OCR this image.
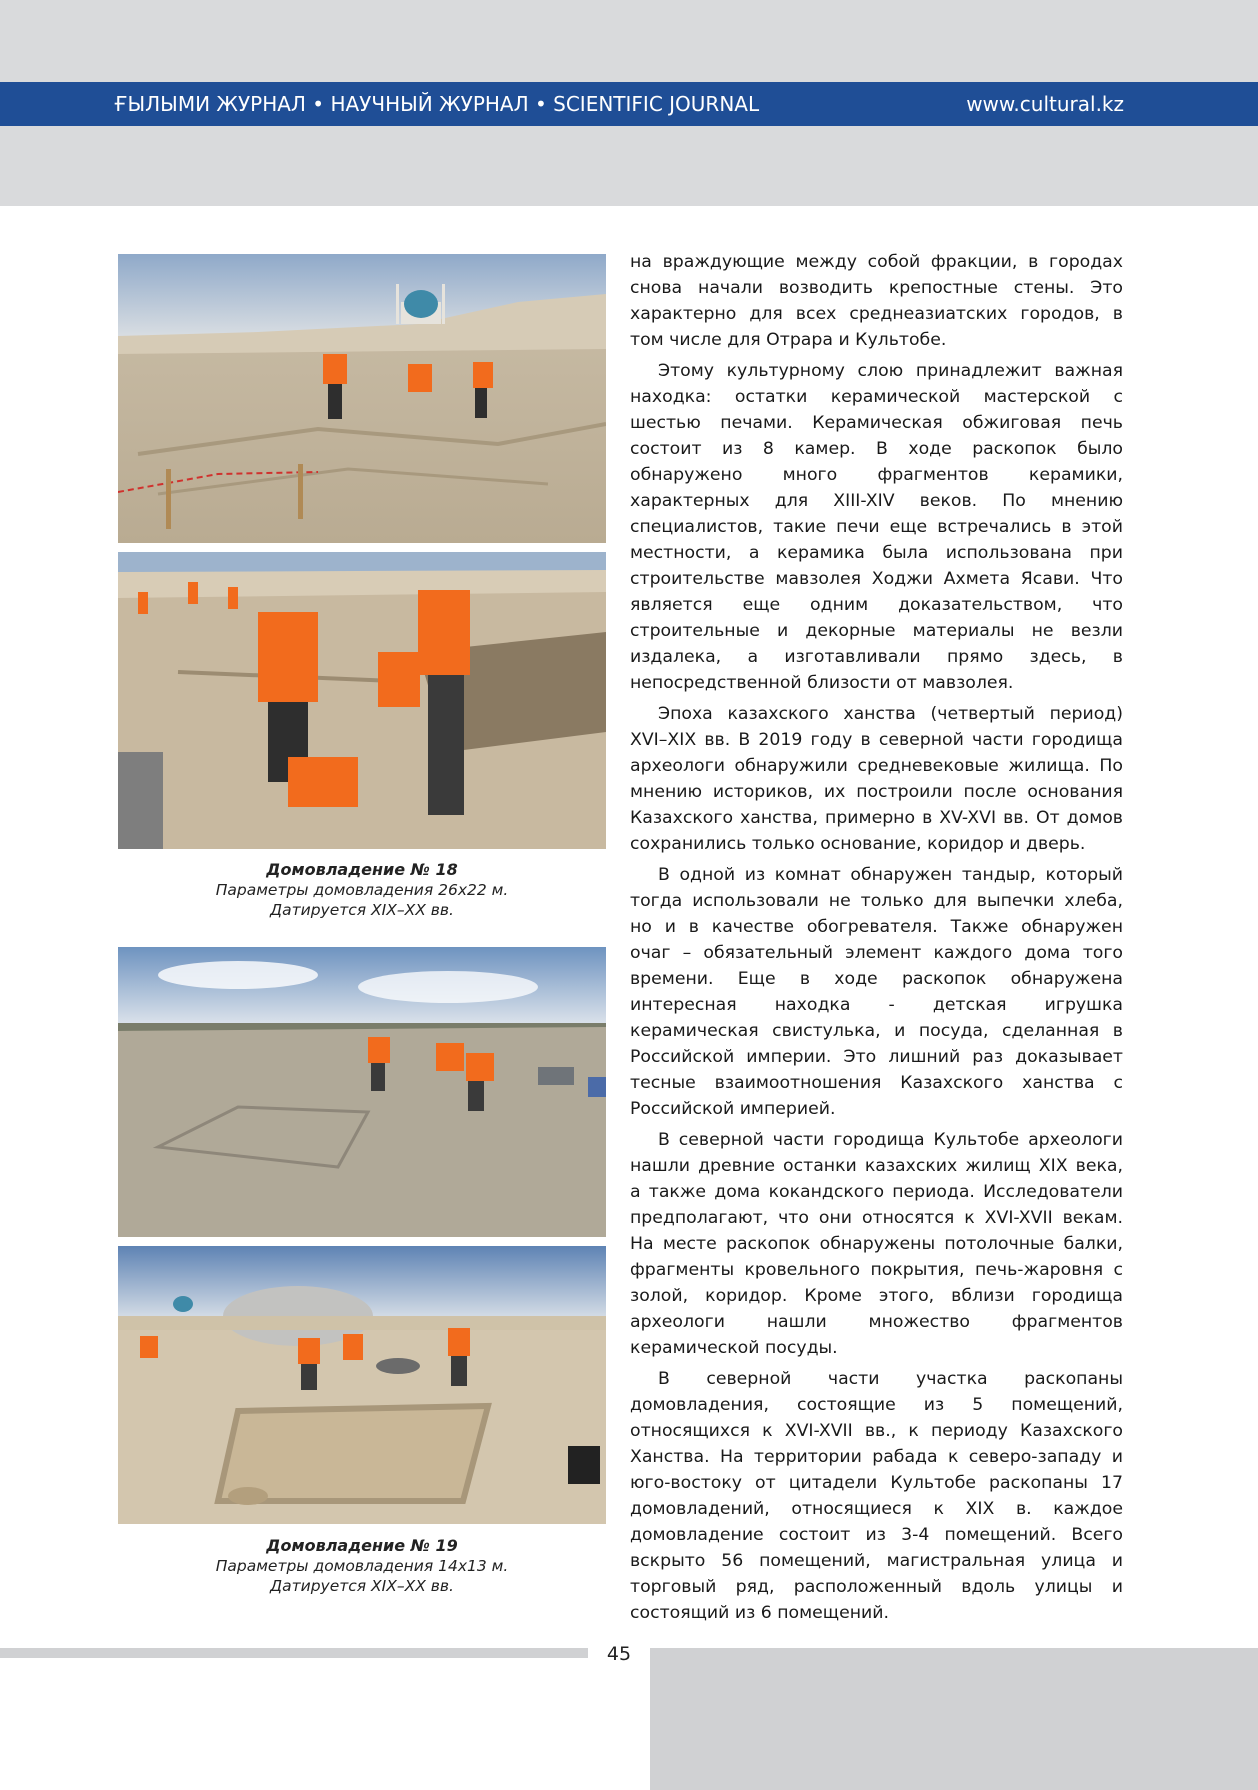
ҒЫЛЫМИ ЖУРНАЛ • НАУЧНЫЙ ЖУРНАЛ • SCIENTIFIC JOURNAL	www.cultural.kz
Домовладение № 18
Параметры домовладения 26х22 м.
Датируется XIX–XX вв.
Домовладение № 19
Параметры домовладения 14х13 м.
Датируется XIX–XX вв.

на враждующие между собой фракции, в городах снова начали возводить крепостные стены. Это характерно для всех среднеазиатских городов, в том числе для Отрара и Культобе.

Этому культурному слою принадлежит важная находка: остатки керамической мастерской с шестью печами. Керамическая обжиговая печь состоит из 8 камер. В ходе раскопок было обнаружено много фрагментов керамики, характерных для XIII-XIV веков. По мнению специалистов, такие печи еще встречались в этой местности, а керамика была использована при строительстве мавзолея Ходжи Ахмета Ясави. Что является еще одним доказательством, что строительные и декорные материалы не везли издалека, а изготавливали прямо здесь, в непосредственной близости от мавзолея.

Эпоха казахского ханства (четвертый период) XVI–XIX вв. В 2019 году в северной части городища археологи обнаружили средневековые жилища. По мнению историков, их построили после основания Казахского ханства, примерно в XV-XVI вв. От домов сохранились только основание, коридор и дверь.

В одной из комнат обнаружен тандыр, который тогда использовали не только для выпечки хлеба, но и в качестве обогревателя. Также обнаружен очаг – обязательный элемент каждого дома того времени. Еще в ходе раскопок обнаружена интересная находка - детская игрушка керамическая свистулька, и посуда, сделанная в Российской империи. Это лишний раз доказывает тесные взаимоотношения Казахского ханства с Российской империей.

В северной части городища Культобе археологи нашли древние останки казахских жилищ XIX века, а также дома кокандского периода. Исследователи предполагают, что они относятся к XVI-XVII векам. На месте раскопок обнаружены потолочные балки, фрагменты кровельного покрытия, печь-жаровня с золой, коридор. Кроме этого, вблизи городища археологи нашли множество фрагментов керамической посуды.

В северной части участка раскопаны домовладения, состоящие из 5 помещений, относящихся к XVI-XVII вв., к периоду Казахского Ханства. На территории рабада к северо-западу и юго-востоку от цитадели Культобе раскопаны 17 домовладений, относящиеся к XIX в. каждое домовладение состоит из 3-4 помещений. Всего вскрыто 56 помещений, магистральная улица и торговый ряд, расположенный вдоль улицы и состоящий из 6 помещений.

45
